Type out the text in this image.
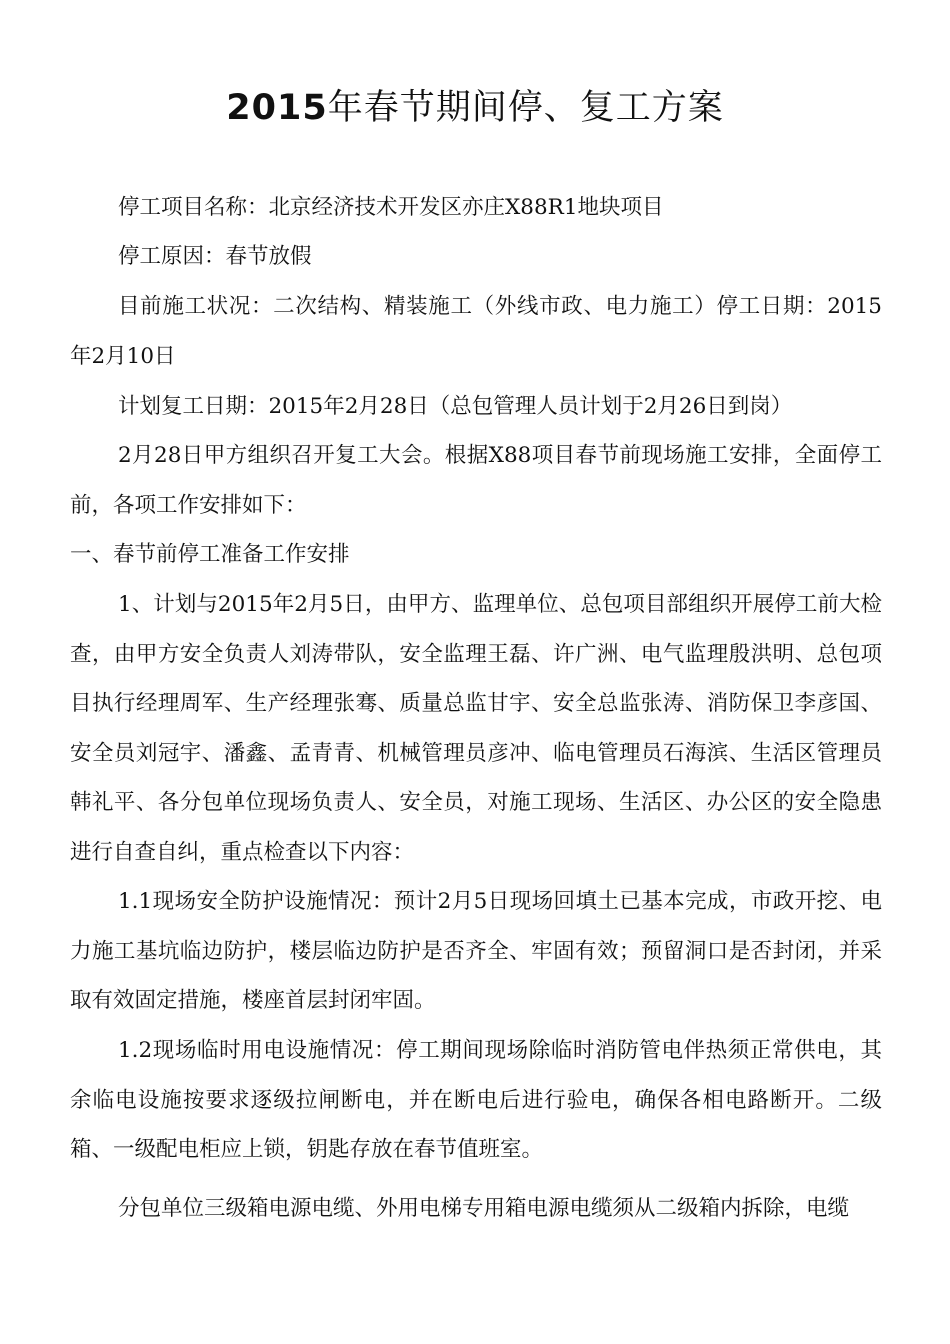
2015年春节期间停、复工方案
停工项目名称：北京经济技术开发区亦庄X88R1地块项目
停工原因：春节放假
目前施工状况：二次结构、精装施工（外线市政、电力施工）停工日期：2015年2月10日
计划复工日期：2015年2月28日（总包管理人员计划于2月26日到岗）
2月28日甲方组织召开复工大会。根据X88项目春节前现场施工安排，全面停工前，各项工作安排如下：
一、春节前停工准备工作安排
1、计划与2015年2月5日，由甲方、监理单位、总包项目部组织开展停工前大检查，由甲方安全负责人刘涛带队，安全监理王磊、许广洲、电气监理殷洪明、总包项目执行经理周军、生产经理张骞、质量总监甘宇、安全总监张涛、消防保卫李彦国、安全员刘冠宇、潘鑫、孟青青、机械管理员彦冲、临电管理员石海滨、生活区管理员韩礼平、各分包单位现场负责人、安全员，对施工现场、生活区、办公区的安全隐患进行自查自纠，重点检查以下内容：
1.1现场安全防护设施情况：预计2月5日现场回填土已基本完成，市政开挖、电力施工基坑临边防护，楼层临边防护是否齐全、牢固有效；预留洞口是否封闭，并采取有效固定措施，楼座首层封闭牢固。
1.2现场临时用电设施情况：停工期间现场除临时消防管电伴热须正常供电，其余临电设施按要求逐级拉闸断电，并在断电后进行验电，确保各相电路断开。二级箱、一级配电柜应上锁，钥匙存放在春节值班室。
分包单位三级箱电源电缆、外用电梯专用箱电源电缆须从二级箱内拆除，电缆
